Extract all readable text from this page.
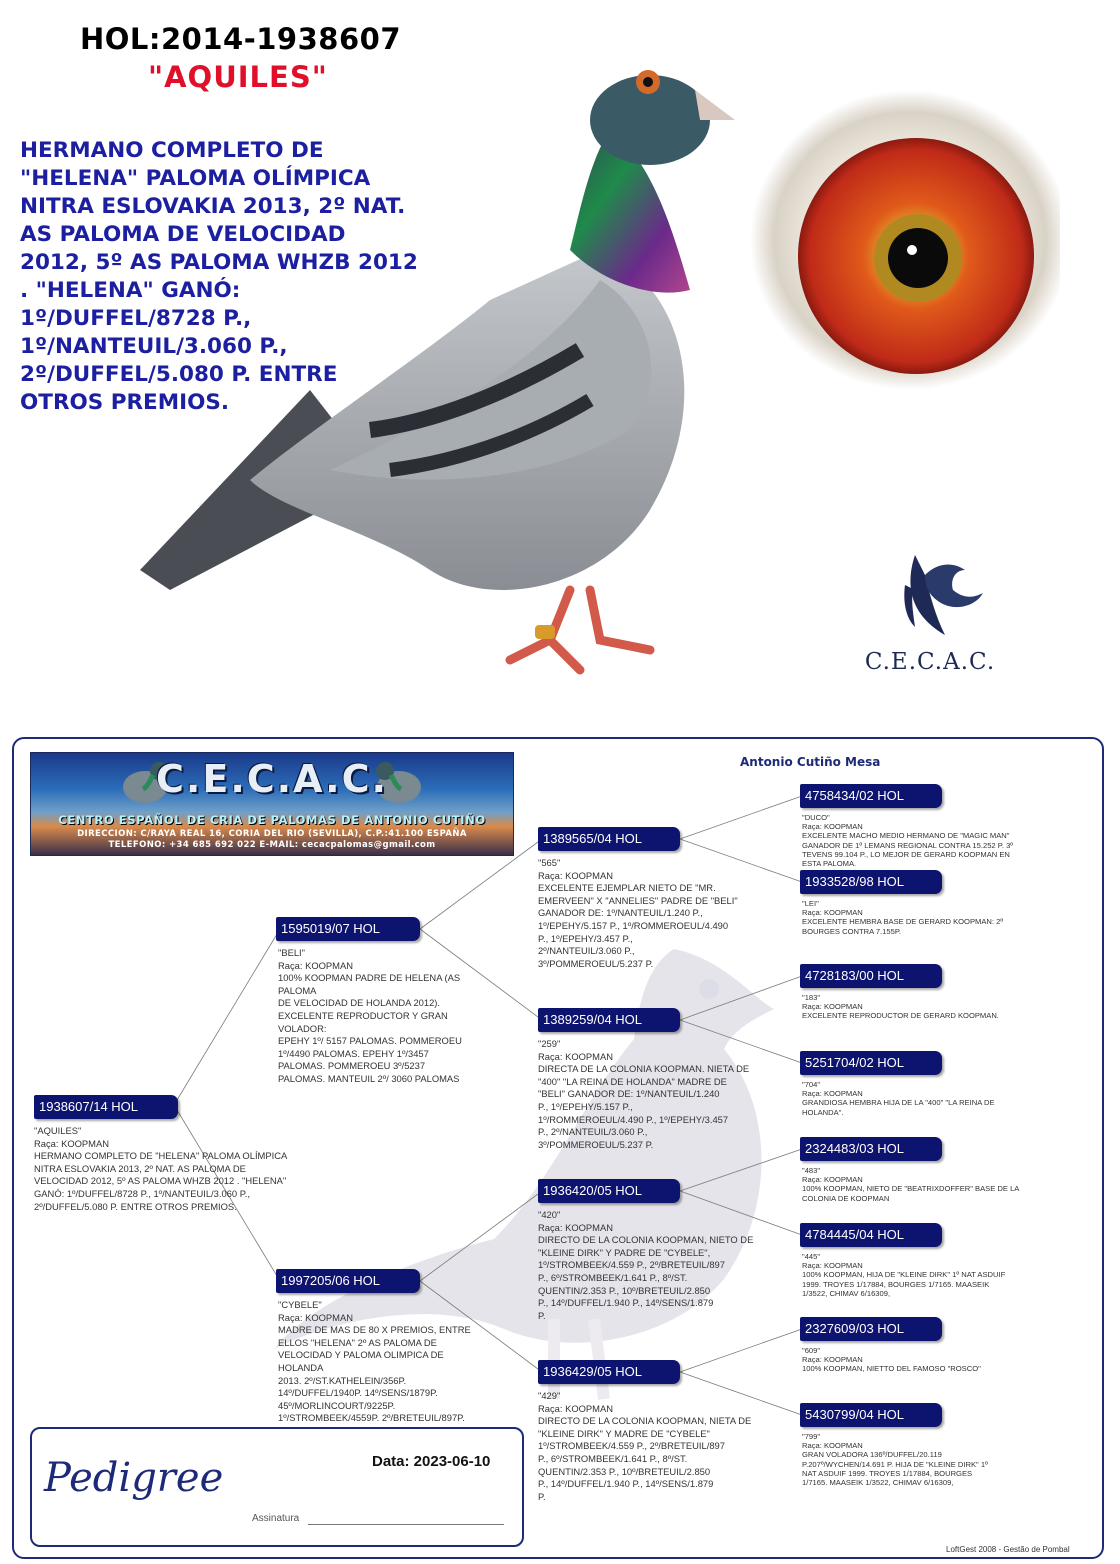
HOL:2014-1938607
"AQUILES"
HERMANO COMPLETO DE
"HELENA" PALOMA OLÍMPICA
NITRA ESLOVAKIA 2013, 2º NAT.
AS PALOMA DE VELOCIDAD
2012, 5º AS PALOMA WHZB 2012
. "HELENA" GANÓ:
1º/DUFFEL/8728 P.,
1º/NANTEUIL/3.060 P.,
2º/DUFFEL/5.080 P. ENTRE
OTROS PREMIOS.
C.E.C.A.C.
C.E.C.A.C.
CENTRO ESPAÑOL DE CRIA DE PALOMAS DE ANTONIO CUTIÑO
DIRECCION: C/RAYA REAL 16, CORIA DEL RIO (SEVILLA), C.P.:41.100 ESPAÑA
TELEFONO: +34 685 692 022 E-MAIL: cecacpalomas@gmail.com
Antonio Cutiño Mesa
1938607/14 HOL
"AQUILES"
Raça: KOOPMAN
HERMANO COMPLETO DE "HELENA" PALOMA OLÍMPICA
NITRA ESLOVAKIA 2013, 2º NAT. AS PALOMA DE
VELOCIDAD 2012, 5º AS PALOMA WHZB 2012 . "HELENA"
GANÓ: 1º/DUFFEL/8728 P., 1º/NANTEUIL/3.060 P.,
2º/DUFFEL/5.080 P. ENTRE OTROS PREMIOS.
1595019/07 HOL
"BELI"
Raça: KOOPMAN
100% KOOPMAN PADRE DE HELENA (AS PALOMA
DE VELOCIDAD DE HOLANDA 2012).
EXCELENTE REPRODUCTOR Y GRAN VOLADOR:
EPEHY 1º/ 5157 PALOMAS. POMMEROEU
1º/4490 PALOMAS. EPEHY 1º/3457
PALOMAS. POMMEROEU 3º/5237
PALOMAS. MANTEUIL 2º/ 3060 PALOMAS
1997205/06 HOL
"CYBELE"
Raça: KOOPMAN
MADRE DE MAS DE 80 X PREMIOS, ENTRE
ELLOS "HELENA" 2º AS PALOMA DE
VELOCIDAD Y PALOMA OLIMPICA DE HOLANDA
2013. 2º/ST.KATHELEIN/356P.
14º/DUFFEL/1940P. 14º/SENS/1879P.
45º/MORLINCOURT/9225P.
1º/STROMBEEK/4559P. 2º/BRETEUIL/897P.
1389565/04 HOL
"565"
Raça: KOOPMAN
EXCELENTE EJEMPLAR NIETO DE "MR.
EMERVEEN" X "ANNELIES" PADRE DE "BELI"
GANADOR DE: 1º/NANTEUIL/1.240 P.,
1º/EPEHY/5.157 P., 1º/ROMMEROEUL/4.490
P., 1º/EPEHY/3.457 P.,
2º/NANTEUIL/3.060 P.,
3º/POMMEROEUL/5.237 P.
1389259/04 HOL
"259"
Raça: KOOPMAN
DIRECTA DE LA COLONIA KOOPMAN. NIETA DE
"400" "LA REINA DE HOLANDA" MADRE DE
"BELI" GANADOR DE: 1º/NANTEUIL/1.240
P., 1º/EPEHY/5.157 P.,
1º/ROMMEROEUL/4.490 P., 1º/EPEHY/3.457
P., 2º/NANTEUIL/3.060 P.,
3º/POMMEROEUL/5.237 P.
1936420/05 HOL
"420"
Raça: KOOPMAN
DIRECTO DE LA COLONIA KOOPMAN, NIETO DE
"KLEINE DIRK" Y PADRE DE "CYBELE",
1º/STROMBEEK/4.559 P., 2º/BRETEUIL/897
P., 6º/STROMBEEK/1.641 P., 8º/ST.
QUENTIN/2.353 P., 10º/BRETEUIL/2.850
P., 14º/DUFFEL/1.940 P., 14º/SENS/1.879
P.
1936429/05 HOL
"429"
Raça: KOOPMAN
DIRECTO DE LA COLONIA KOOPMAN, NIETA DE
"KLEINE DIRK" Y MADRE DE "CYBELE"
1º/STROMBEEK/4.559 P., 2º/BRETEUIL/897
P., 6º/STROMBEEK/1.641 P., 8º/ST.
QUENTIN/2.353 P., 10º/BRETEUIL/2.850
P., 14º/DUFFEL/1.940 P., 14º/SENS/1.879
P.
4758434/02 HOL
"DUCO"
Raça: KOOPMAN
EXCELENTE MACHO MEDIO HERMANO DE "MAGIC MAN"
GANADOR DE 1º LEMANS REGIONAL CONTRA 15.252 P. 3º
TEVENS 99.104 P., LO MEJOR DE GERARD KOOPMAN EN
ESTA PALOMA.
1933528/98 HOL
"LEI"
Raça: KOOPMAN
EXCELENTE HEMBRA BASE DE GERARD KOOPMAN: 2º
BOURGES CONTRA 7.155P.
4728183/00 HOL
"183"
Raça: KOOPMAN
EXCELENTE REPRODUCTOR DE GERARD KOOPMAN.
5251704/02 HOL
"704"
Raça: KOOPMAN
GRANDIOSA HEMBRA HIJA DE LA "400" "LA REINA DE
HOLANDA".
2324483/03 HOL
"483"
Raça: KOOPMAN
100% KOOPMAN, NIETO DE "BEATRIXDOFFER" BASE DE LA
COLONIA DE KOOPMAN
4784445/04 HOL
"445"
Raça: KOOPMAN
100% KOOPMAN, HIJA DE "KLEINE DIRK" 1º NAT ASDUIF
1999. TROYES 1/17884, BOURGES 1/7165. MAASEIK
1/3522, CHIMAV 6/16309,
2327609/03 HOL
"609"
Raça: KOOPMAN
100% KOOPMAN, NIETTO DEL FAMOSO "ROSCO"
5430799/04 HOL
"799"
Raça: KOOPMAN
GRAN VOLADORA 136º/DUFFEL/20.119
P.207º/WYCHEN/14.691 P. HIJA DE "KLEINE DIRK" 1º
NAT ASDUIF 1999. TROYES 1/17884, BOURGES
1/7165. MAASEIK 1/3522, CHIMAV 6/16309,
Pedigree	Data: 2023-06-10
Assinatura
LoftGest 2008 - Gestão de Pombal
